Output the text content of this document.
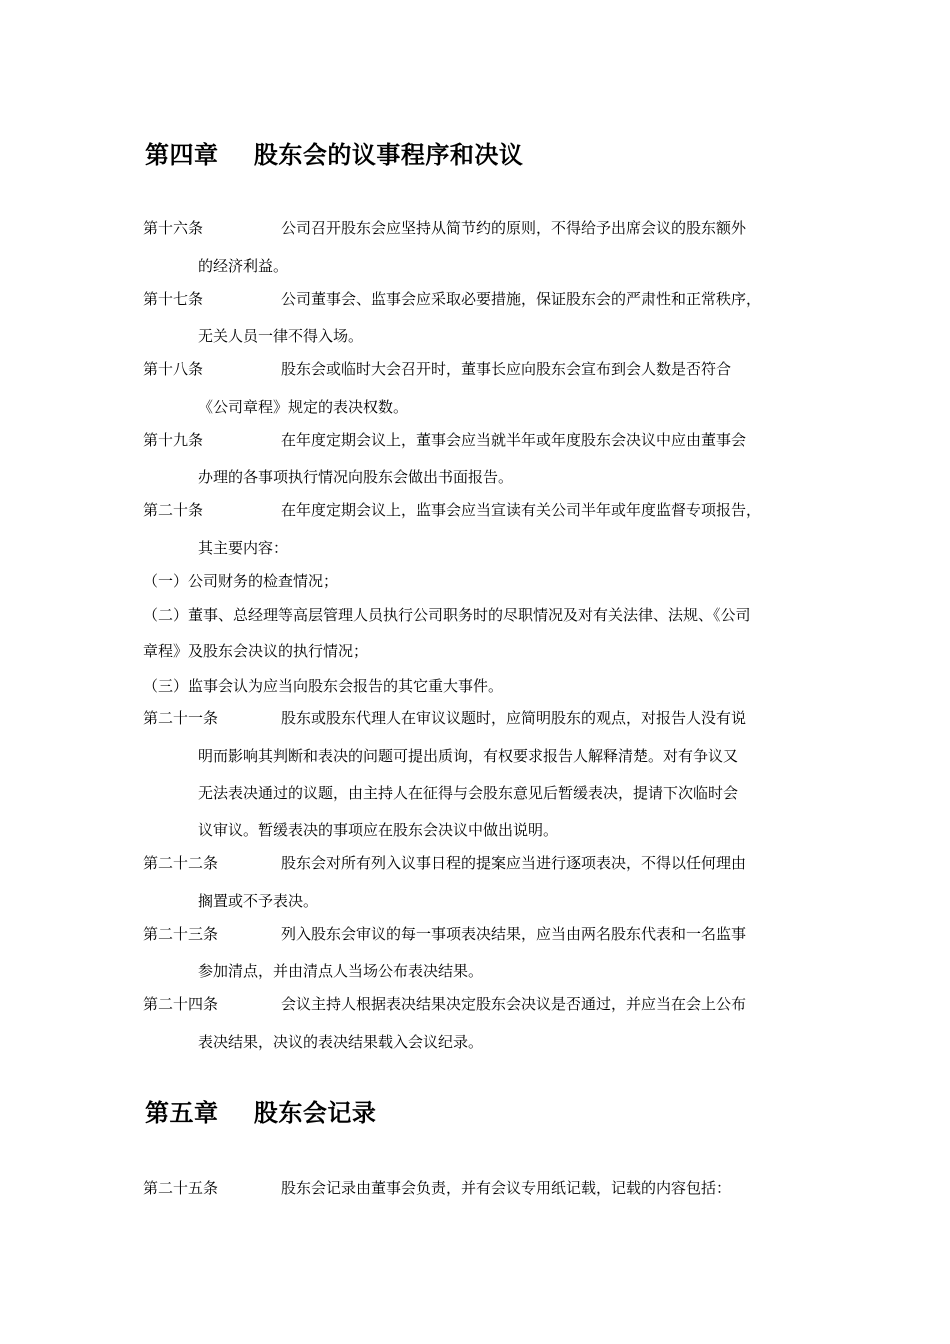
第四章    股东会的议事程序和决议
第十六条	公司召开股东会应坚持从简节约的原则，不得给予出席会议的股东额外
的经济利益。
第十七条	公司董事会、监事会应采取必要措施，保证股东会的严肃性和正常秩序，
无关人员一律不得入场。
第十八条	股东会或临时大会召开时，董事长应向股东会宣布到会人数是否符合
《公司章程》规定的表决权数。
第十九条	在年度定期会议上，董事会应当就半年或年度股东会决议中应由董事会
办理的各事项执行情况向股东会做出书面报告。
第二十条	在年度定期会议上，监事会应当宣读有关公司半年或年度监督专项报告，
其主要内容：
（一）公司财务的检查情况；
（二）董事、总经理等高层管理人员执行公司职务时的尽职情况及对有关法律、法规、《公司
章程》及股东会决议的执行情况；
（三）监事会认为应当向股东会报告的其它重大事件。
第二十一条	股东或股东代理人在审议议题时，应简明股东的观点，对报告人没有说
明而影响其判断和表决的问题可提出质询，有权要求报告人解释清楚。对有争议又
无法表决通过的议题，由主持人在征得与会股东意见后暂缓表决，提请下次临时会
议审议。暂缓表决的事项应在股东会决议中做出说明。
第二十二条	股东会对所有列入议事日程的提案应当进行逐项表决，不得以任何理由
搁置或不予表决。
第二十三条	列入股东会审议的每一事项表决结果，应当由两名股东代表和一名监事
参加清点，并由清点人当场公布表决结果。
第二十四条	会议主持人根据表决结果决定股东会决议是否通过，并应当在会上公布
表决结果，决议的表决结果载入会议纪录。
第五章    股东会记录
第二十五条	股东会记录由董事会负责，并有会议专用纸记载，记载的内容包括：
